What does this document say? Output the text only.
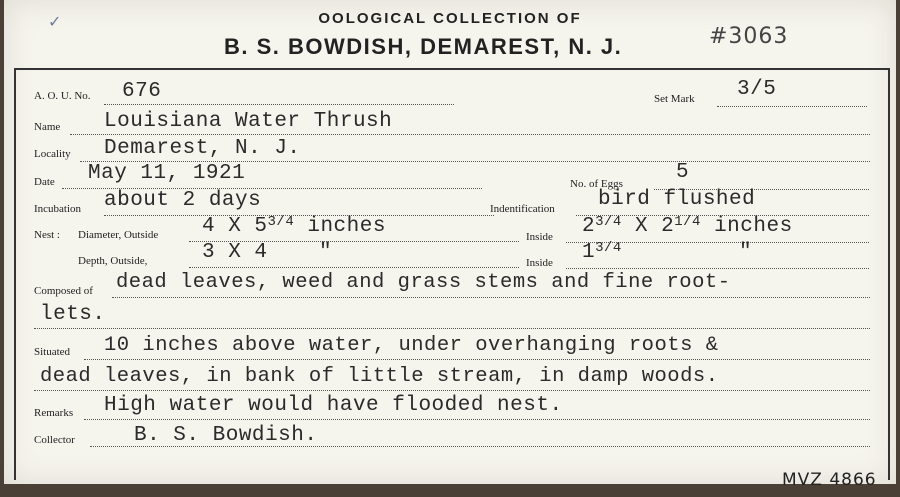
✓	OOLOGICAL COLLECTION OF
B. S. BOWDISH, DEMAREST, N. J.	#3063
A. O. U. No. 676	Set Mark 3/5
Name Louisiana Water Thrush
Locality Demarest, N. J.
Date May 11, 1921	No. of Eggs	5
Incubation about 2 days	Indentification bird flushed
Nest : Diameter, Outside 4 X $5^{3/4}$ inches	Inside $2^{3/4}$ X $2^{1/4}$ inches
Depth, Outside,	3 X 4 "	Inside $1^{3/4}$	"
Composed of dead leaves, weed and grass stems and fine root-
lets.
Situated 10 inches above water, under overhanging roots &
dead leaves, in bank of little stream, in damp woods.
Remarks High water would have flooded nest.
Collector	B. S. Bowdish.
MVZ 4866
